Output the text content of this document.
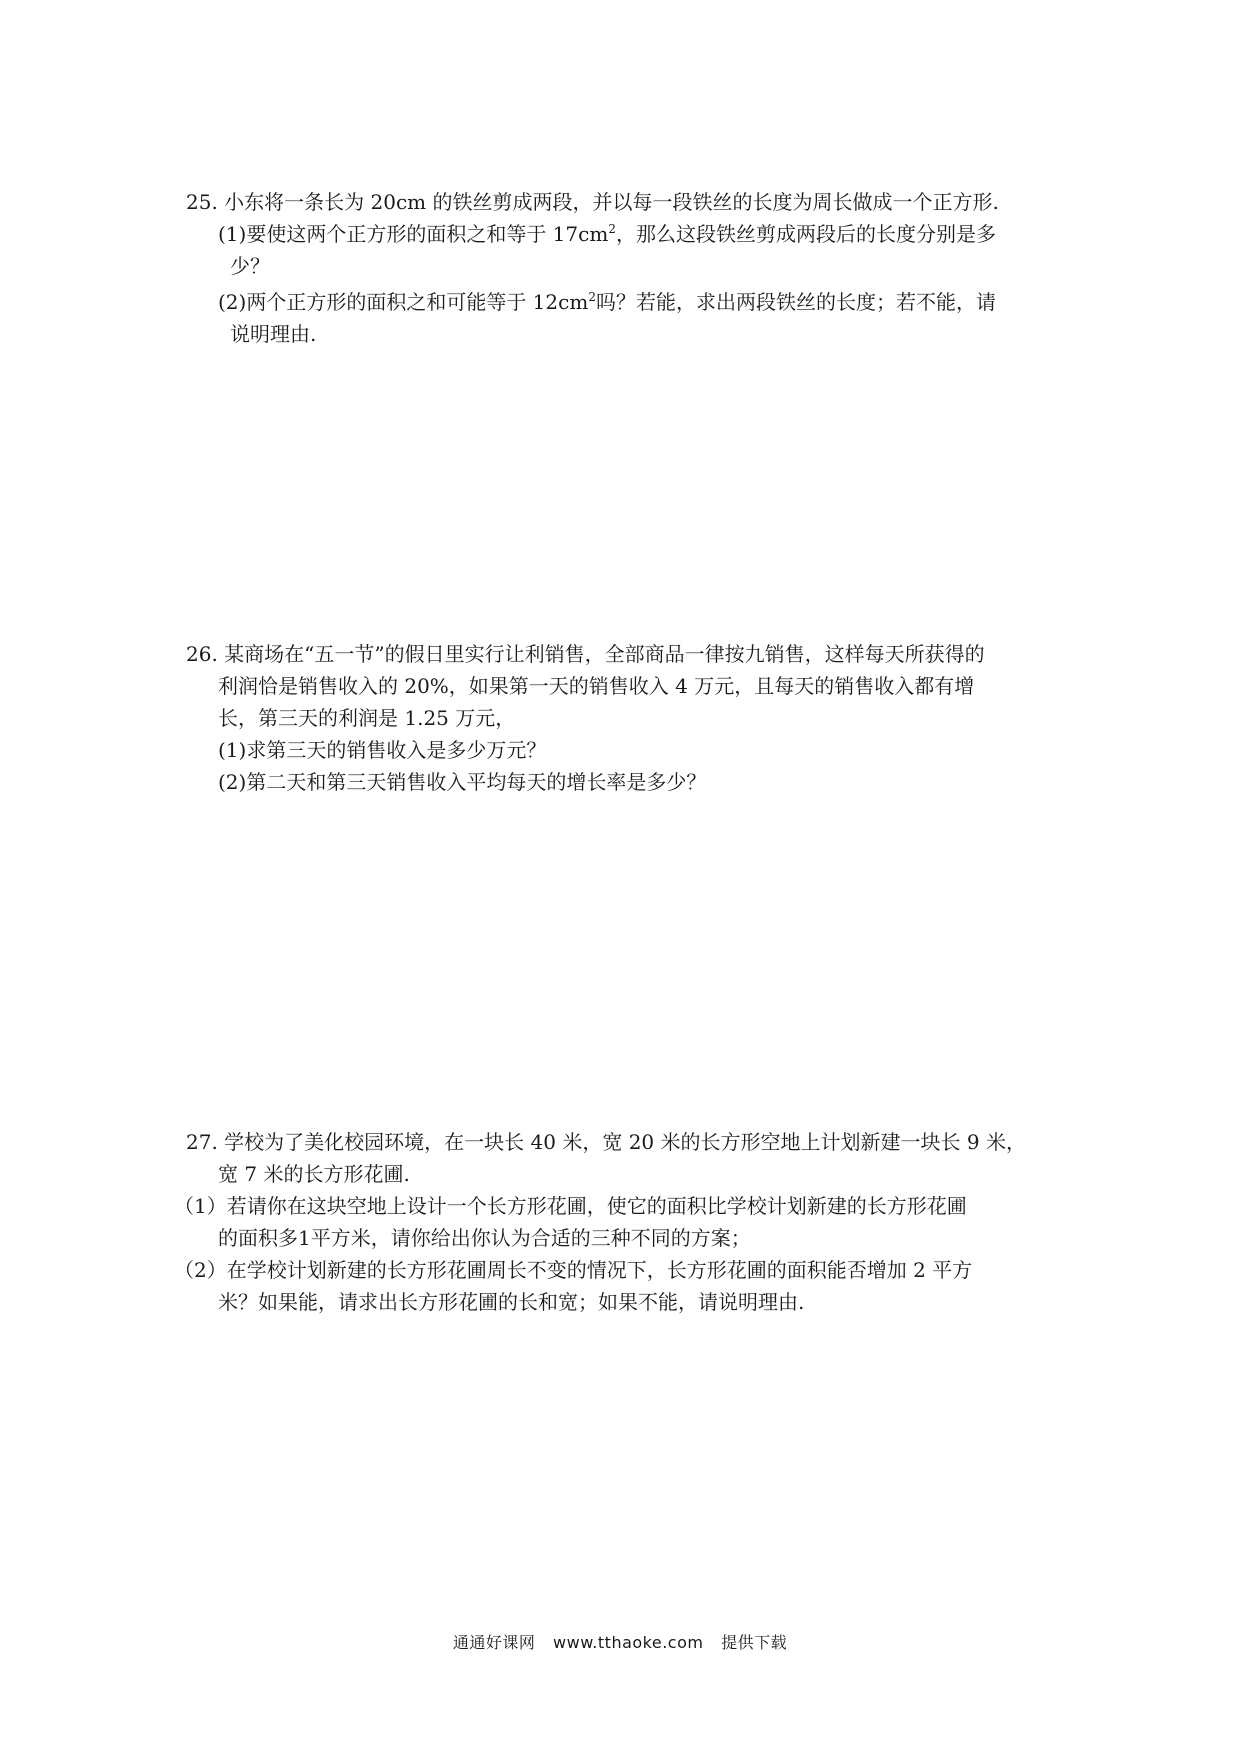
25. 小东将一条长为 20cm 的铁丝剪成两段，并以每一段铁丝的长度为周长做成一个正方形.
(1)要使这两个正方形的面积之和等于 $17cm^2$，那么这段铁丝剪成两段后的长度分别是多
少？
(2)两个正方形的面积之和可能等于 $12cm^2$吗？若能，求出两段铁丝的长度；若不能，请
说明理由.
26. 某商场在“五一节”的假日里实行让利销售，全部商品一律按九销售，这样每天所获得的
利润恰是销售收入的 20%，如果第一天的销售收入 4 万元，且每天的销售收入都有增
长，第三天的利润是 1.25 万元，
(1)求第三天的销售收入是多少万元？
(2)第二天和第三天销售收入平均每天的增长率是多少？
27. 学校为了美化校园环境，在一块长 40 米，宽 20 米的长方形空地上计划新建一块长 9 米，
宽 7 米的长方形花圃.
（1）若请你在这块空地上设计一个长方形花圃，使它的面积比学校计划新建的长方形花圃
的面积多1平方米，请你给出你认为合适的三种不同的方案；
（2）在学校计划新建的长方形花圃周长不变的情况下，长方形花圃的面积能否增加 2 平方
米？如果能，请求出长方形花圃的长和宽；如果不能，请说明理由.
通通好课网 www.tthaoke.com 提供下载
